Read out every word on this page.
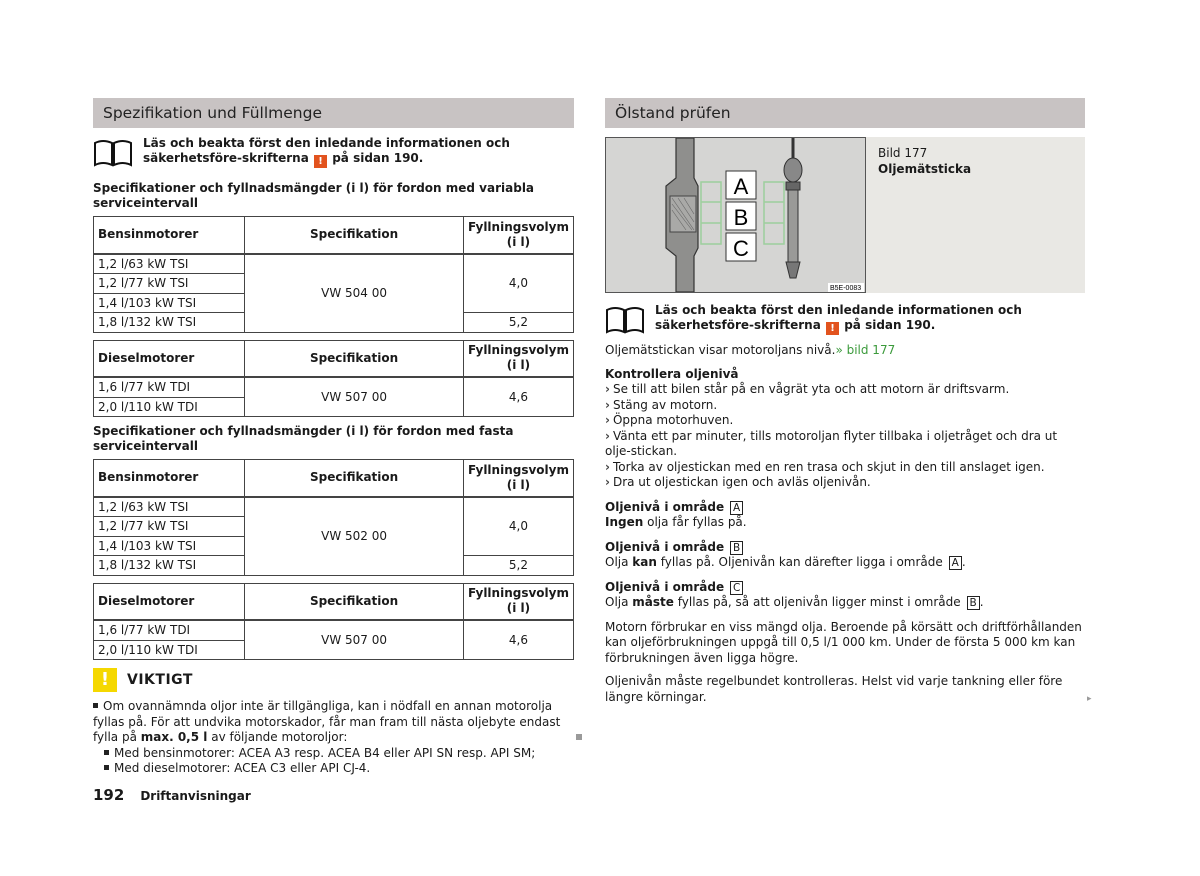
Spezifikation und Füllmenge
Läs och beakta först den inledande informationen och säkerhetsföre-skrifterna ! på sidan 190.
Specifikationer och fyllnadsmängder (i l) för fordon med variabla serviceintervall
Bensinmotorer	Specifikation	Fyllningsvolym
(i l)
1,2 l/63 kW TSI	VW 504 00	4,0
1,2 l/77 kW TSI		
1,4 l/103 kW TSI		
1,8 l/132 kW TSI		5,2
Dieselmotorer	Specifikation	Fyllningsvolym
(i l)
1,6 l/77 kW TDI	VW 507 00	4,6
2,0 l/110 kW TDI		
Specifikationer och fyllnadsmängder (i l) för fordon med fasta serviceintervall
Bensinmotorer	Specifikation	Fyllningsvolym
(i l)
1,2 l/63 kW TSI	VW 502 00	4,0
1,2 l/77 kW TSI		
1,4 l/103 kW TSI		
1,8 l/132 kW TSI		5,2
Dieselmotorer	Specifikation	Fyllningsvolym
(i l)
1,6 l/77 kW TDI	VW 507 00	4,6
2,0 l/110 kW TDI		
!	VIKTIGT
Om ovannämnda oljor inte är tillgängliga, kan i nödfall en annan motorolja fyllas på. För att undvika motorskador, får man fram till nästa oljebyte endast fylla på max. 0,5 l av följande motoroljor:
Med bensinmotorer: ACEA A3 resp. ACEA B4 eller API SN resp. API SM;
Med dieselmotorer: ACEA C3 eller API CJ-4.
Ölstand prüfen
A
B
C
B5E-0083
Bild 177
Oljemätsticka
Läs och beakta först den inledande informationen och säkerhetsföre-skrifterna ! på sidan 190.
Oljemätstickan visar motoroljans nivå.» bild 177
Kontrollera oljenivå
› Se till att bilen står på en vågrät yta och att motorn är driftsvarm.
› Stäng av motorn.
› Öppna motorhuven.
› Vänta ett par minuter, tills motoroljan flyter tillbaka i oljetråget och dra ut olje-stickan.
› Torka av oljestickan med en ren trasa och skjut in den till anslaget igen.
› Dra ut oljestickan igen och avläs oljenivån.
Oljenivå i område A
Ingen olja får fyllas på.
Oljenivå i område B
Olja kan fyllas på. Oljenivån kan därefter ligga i område A .
Oljenivå i område C
Olja måste fyllas på, så att oljenivån ligger minst i område B .
Motorn förbrukar en viss mängd olja. Beroende på körsätt och driftförhållanden kan oljeförbrukningen uppgå till 0,5 l/1 000 km. Under de första 5 000 km kan förbrukningen även ligga högre.
Oljenivån måste regelbundet kontrolleras. Helst vid varje tankning eller före längre körningar.	▸
192 Driftanvisningar
